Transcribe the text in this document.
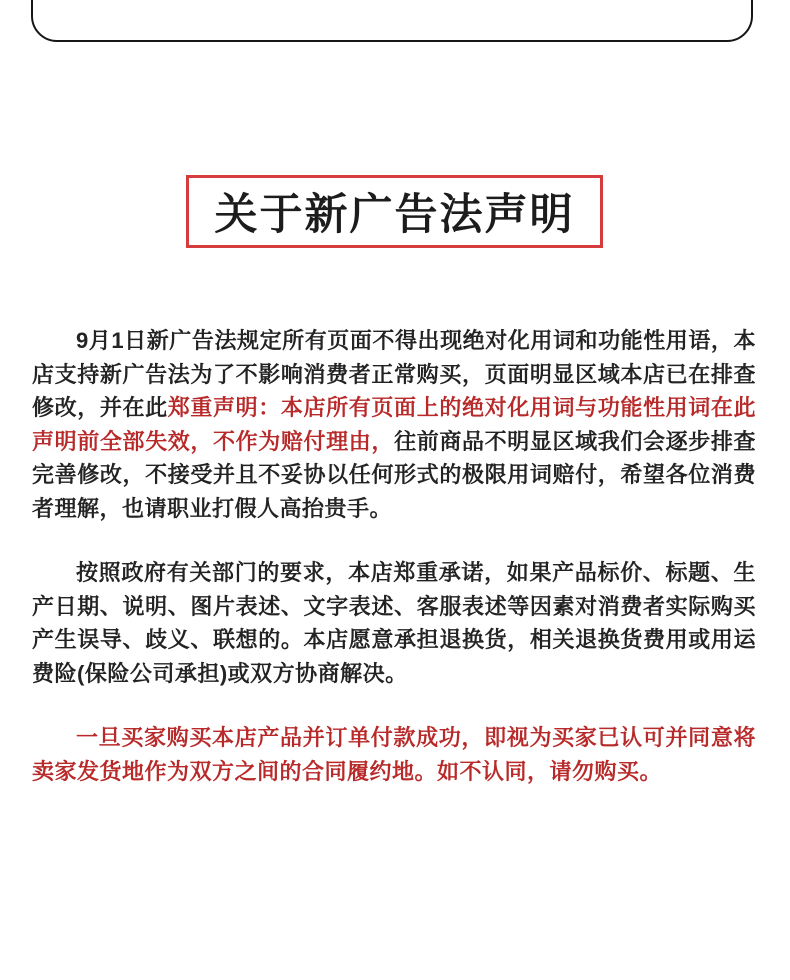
关于新广告法声明

9月1日新广告法规定所有页面不得出现绝对化用词和功能性用语，本店支持新广告法为了不影响消费者正常购买，页面明显区域本店已在排查修改，并在此郑重声明：本店所有页面上的绝对化用词与功能性用词在此声明前全部失效，不作为赔付理由，往前商品不明显区域我们会逐步排查完善修改，不接受并且不妥协以任何形式的极限用词赔付，希望各位消费者理解，也请职业打假人高抬贵手。

按照政府有关部门的要求，本店郑重承诺，如果产品标价、标题、生产日期、说明、图片表述、文字表述、客服表述等因素对消费者实际购买产生误导、歧义、联想的。本店愿意承担退换货，相关退换货费用或用运费险(保险公司承担)或双方协商解决。

一旦买家购买本店产品并订单付款成功，即视为买家已认可并同意将卖家发货地作为双方之间的合同履约地。如不认同，请勿购买。
